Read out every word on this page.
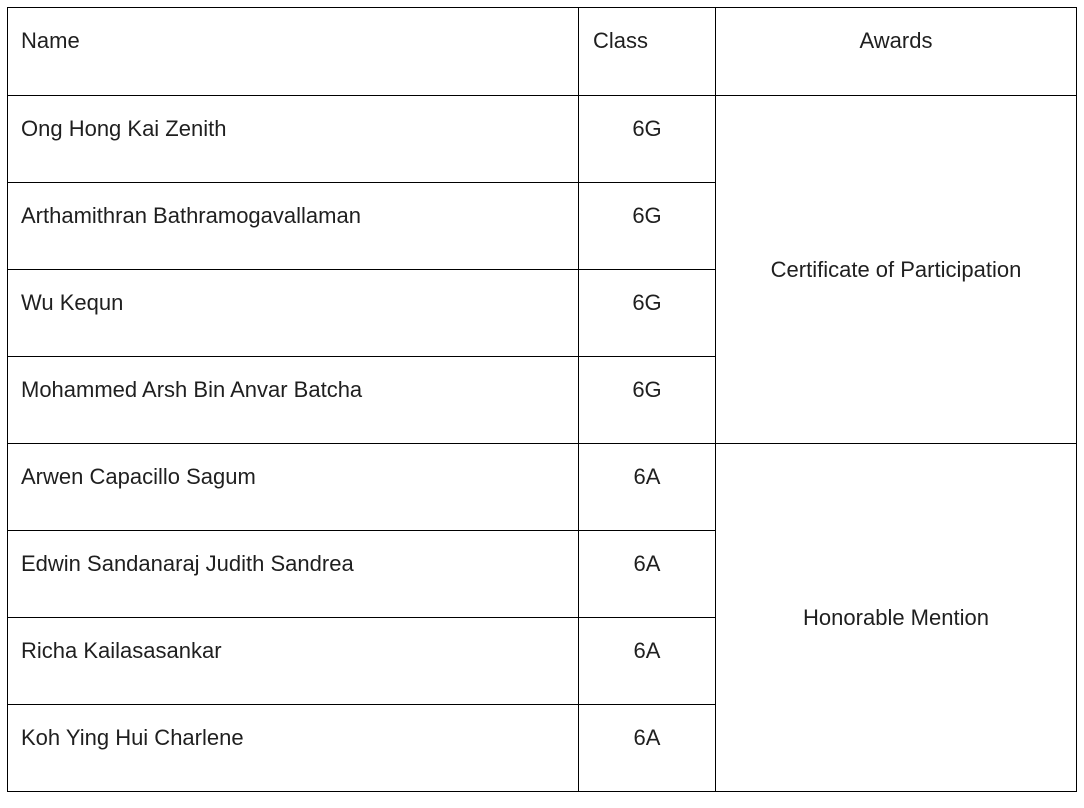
Name	Class	Awards
Ong Hong Kai Zenith	6G	Certificate of Participation
Arthamithran Bathramogavallaman	6G	
Wu Kequn	6G	
Mohammed Arsh Bin Anvar Batcha	6G	
Arwen Capacillo Sagum	6A	Honorable Mention
Edwin Sandanaraj Judith Sandrea	6A	
Richa Kailasasankar	6A	
Koh Ying Hui Charlene	6A	
